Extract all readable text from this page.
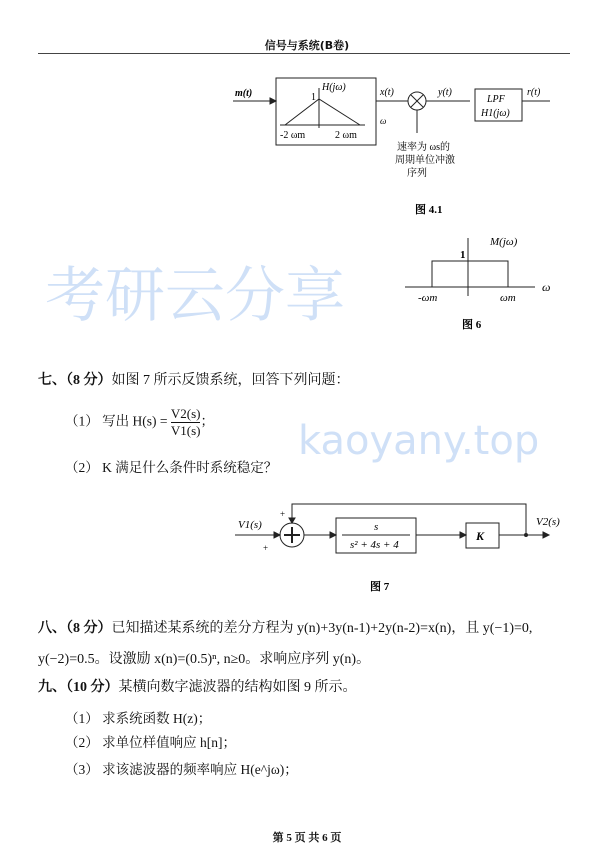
考研云分享
kaoyany.top
信号与系统(B卷)
m(t)
H(jω)
1
-2 ωm	2 ωm
ω
x(t)	y(t)
LPF
H1(jω)
r(t)
速率为 ωs的
周期单位冲激
序列
图 4.1
M(jω)
1
-ωm	ωm
ω
图 6
七、（8 分）如图 7 所示反馈系统，回答下列问题：
（1） 写出 $H(s) = \frac{V2(s)}{V1(s)}$ ；
（2） K 满足什么条件时系统稳定？
V1(s)
+
+
s
s² + 4s + 4
K
V2(s)
图 7
八、（8 分）已知描述某系统的差分方程为 y(n)+3y(n-1)+2y(n-2)=x(n)，且 y(−1)=0,
y(−2)=0.5。设激励 x(n)=(0.5)ⁿ, n≥0。求响应序列 y(n)。
九、（10 分）某横向数字滤波器的结构如图 9 所示。
（1） 求系统函数 H(z)；
（2） 求单位样值响应 h[n]；
（3） 求该滤波器的频率响应 H(e^jω)；
第 5 页 共 6 页
